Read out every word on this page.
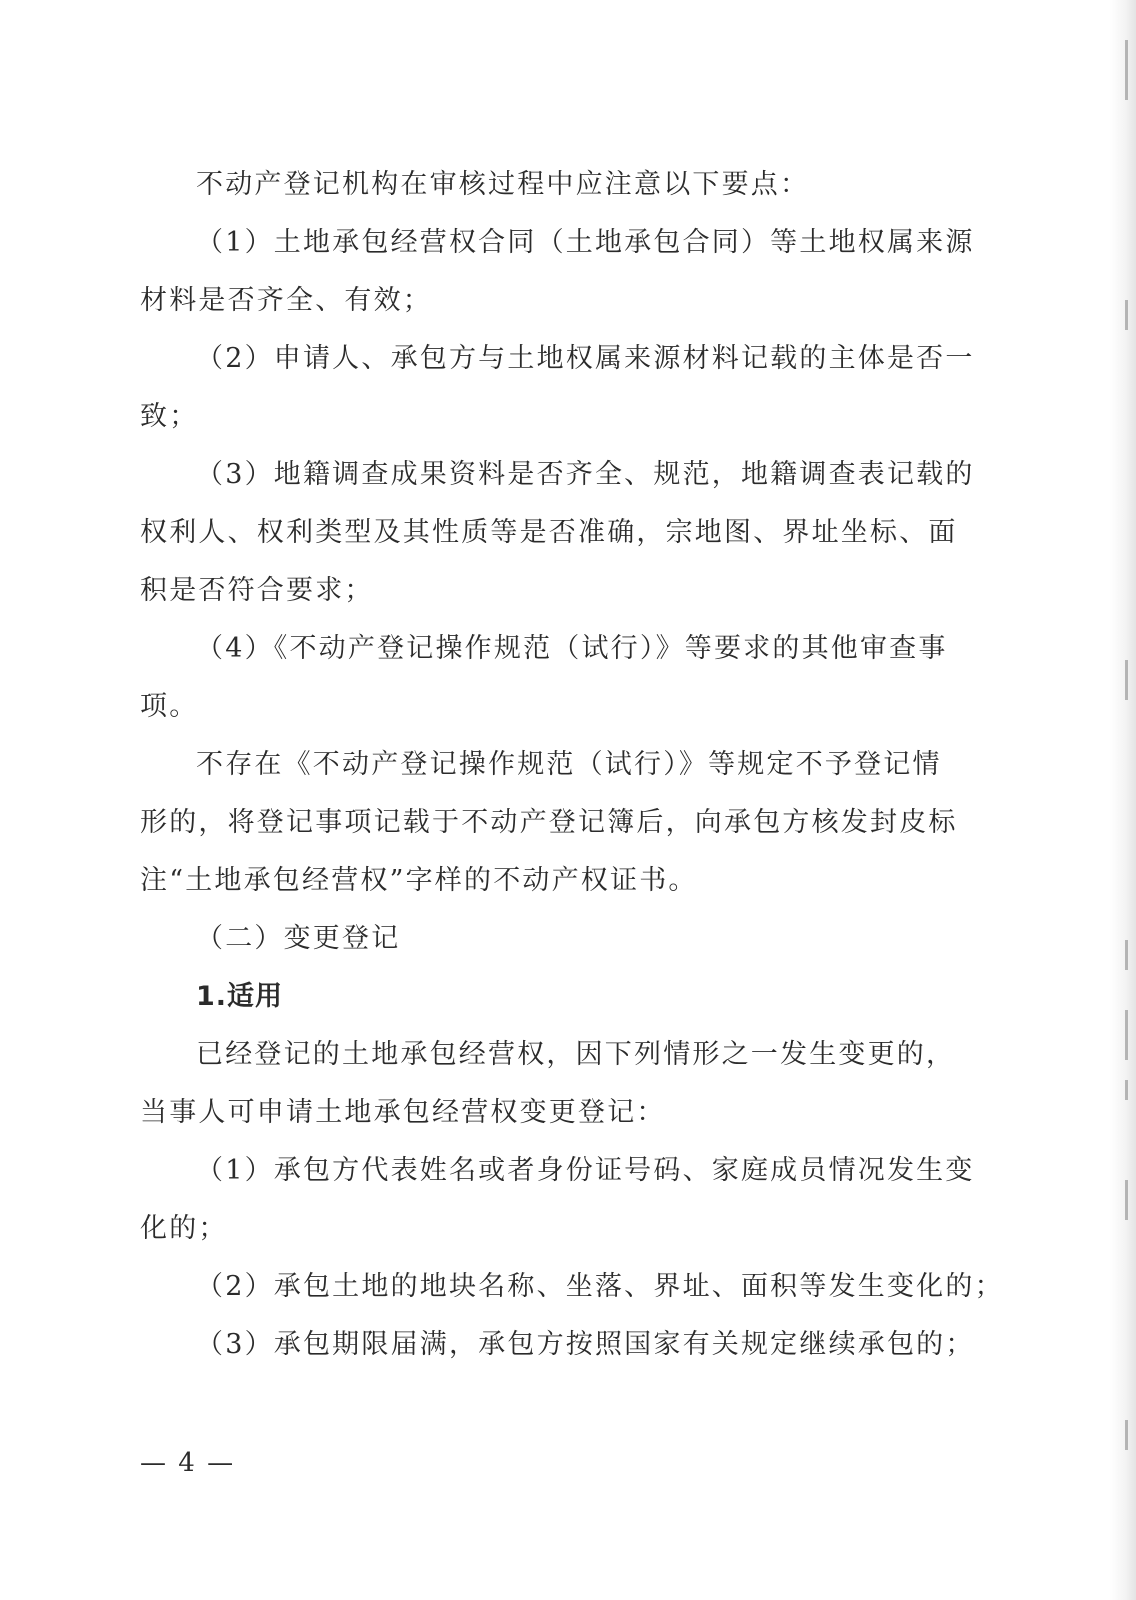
不动产登记机构在审核过程中应注意以下要点：
（1）土地承包经营权合同（土地承包合同）等土地权属来源
材料是否齐全、有效；
（2）申请人、承包方与土地权属来源材料记载的主体是否一
致；
（3）地籍调查成果资料是否齐全、规范，地籍调查表记载的
权利人、权利类型及其性质等是否准确，宗地图、界址坐标、面
积是否符合要求；
（4）《不动产登记操作规范（试行）》等要求的其他审查事
项。
不存在《不动产登记操作规范（试行）》等规定不予登记情
形的，将登记事项记载于不动产登记簿后，向承包方核发封皮标
注“土地承包经营权”字样的不动产权证书。
（二）变更登记
1.适用
已经登记的土地承包经营权，因下列情形之一发生变更的，
当事人可申请土地承包经营权变更登记：
（1）承包方代表姓名或者身份证号码、家庭成员情况发生变
化的；
（2）承包土地的地块名称、坐落、界址、面积等发生变化的；
（3）承包期限届满，承包方按照国家有关规定继续承包的；
— 4 —
